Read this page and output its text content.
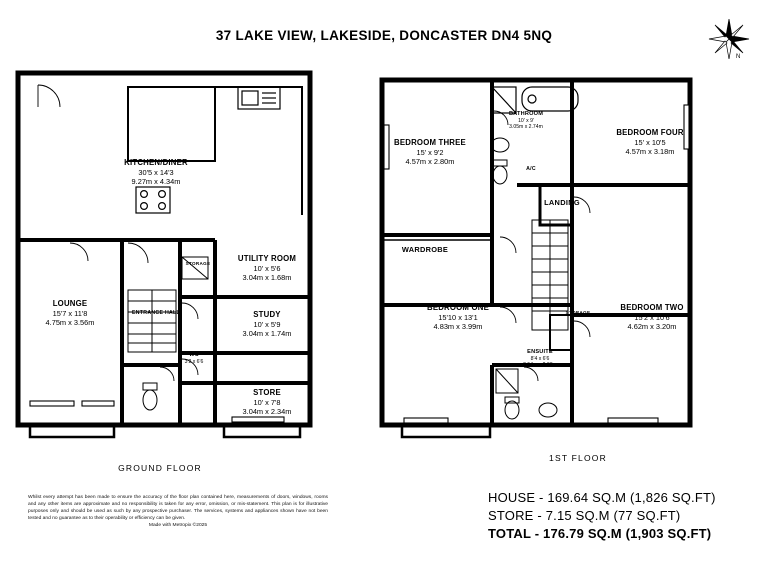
37 LAKE VIEW, LAKESIDE, DONCASTER DN4 5NQ
N
KITCHEN/DINER
30'5 x 14'3
9.27m x 4.34m
LOUNGE
15'7 x 11'8
4.75m x 3.56m
UTILITY ROOM
10' x 5'6
3.04m x 1.68m
STUDY
10' x 5'9
3.04m x 1.74m
STORE
10' x 7'8
3.04m x 2.34m
WC
3'2 x 6'6
ENTRANCE HALL
STORAGE
GROUND FLOOR
BEDROOM THREE
15' x 9'2
4.57m x 2.80m
BEDROOM FOUR
15' x 10'5
4.57m x 3.18m
BEDROOM ONE
15'10 x 13'1
4.83m x 3.99m
BEDROOM TWO
15'2 x 10'6
4.62m x 3.20m
BATHROOM
10' x 9'
3.05m x 2.74m
ENSUITE
8'4 x 6'6
2.54m x 2.03m
LANDING
WARDROBE
A/C
STORAGE
1ST FLOOR
Whilst every attempt has been made to ensure the accuracy of the floor plan contained here, measurements of doors, windows, rooms and any other items are approximate and no responsibility is taken for any error, omission, or mis-statement. This plan is for illustrative purposes only and should be used as such by any prospective purchaser. The services, systems and appliances shown have not been tested and no guarantee as to their operability or efficiency can be given.
Made with Metropix ©2025
HOUSE - 169.64 SQ.M (1,826 SQ.FT)
STORE - 7.15 SQ.M (77 SQ.FT)
TOTAL - 176.79 SQ.M (1,903 SQ.FT)
